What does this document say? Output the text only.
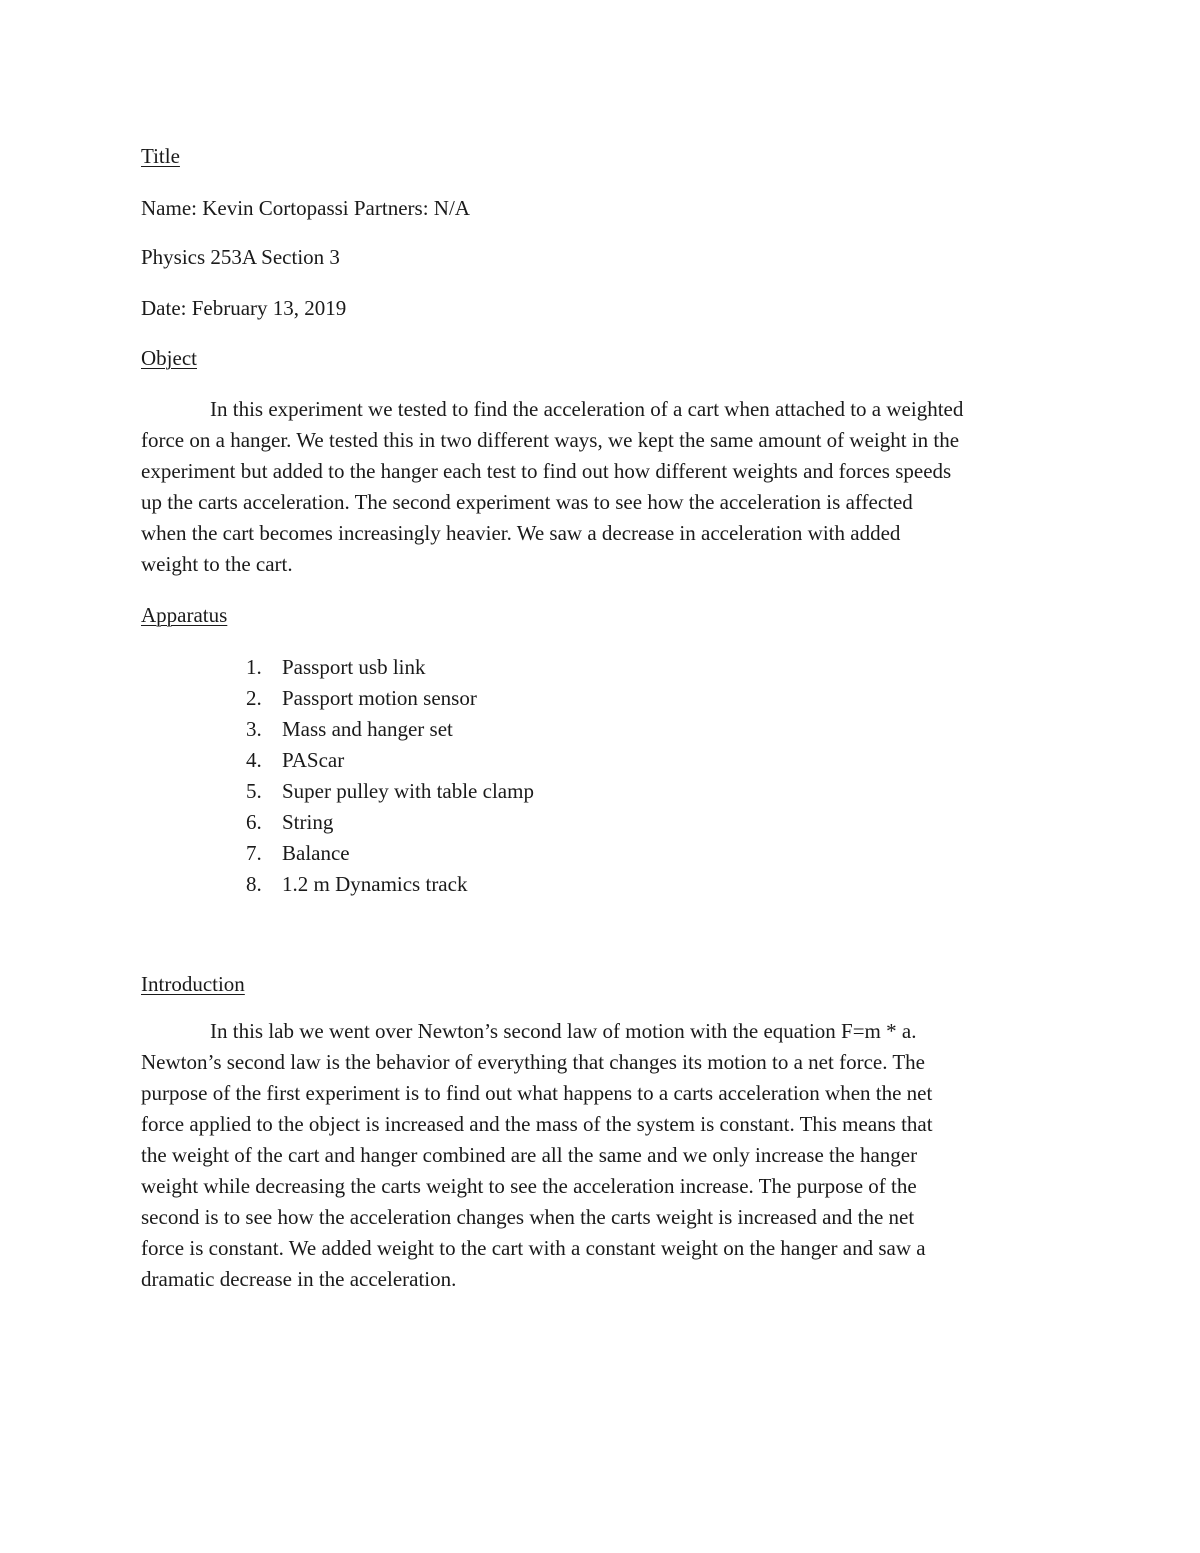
Title
Name: Kevin Cortopassi Partners: N/A
Physics 253A Section 3
Date: February 13, 2019
Object
In this experiment we tested to find the acceleration of a cart when attached to a weighted
force on a hanger. We tested this in two different ways, we kept the same amount of weight in the
experiment but added to the hanger each test to find out how different weights and forces speeds
up the carts acceleration. The second experiment was to see how the acceleration is affected
when the cart becomes increasingly heavier. We saw a decrease in acceleration with added
weight to the cart.
Apparatus
1. Passport usb link
2. Passport motion sensor
3. Mass and hanger set
4. PAScar
5. Super pulley with table clamp
6. String
7. Balance
8. 1.2 m Dynamics track
Introduction
In this lab we went over Newton’s second law of motion with the equation F=m * a.
Newton’s second law is the behavior of everything that changes its motion to a net force. The
purpose of the first experiment is to find out what happens to a carts acceleration when the net
force applied to the object is increased and the mass of the system is constant. This means that
the weight of the cart and hanger combined are all the same and we only increase the hanger
weight while decreasing the carts weight to see the acceleration increase. The purpose of the
second is to see how the acceleration changes when the carts weight is increased and the net
force is constant. We added weight to the cart with a constant weight on the hanger and saw a
dramatic decrease in the acceleration.
